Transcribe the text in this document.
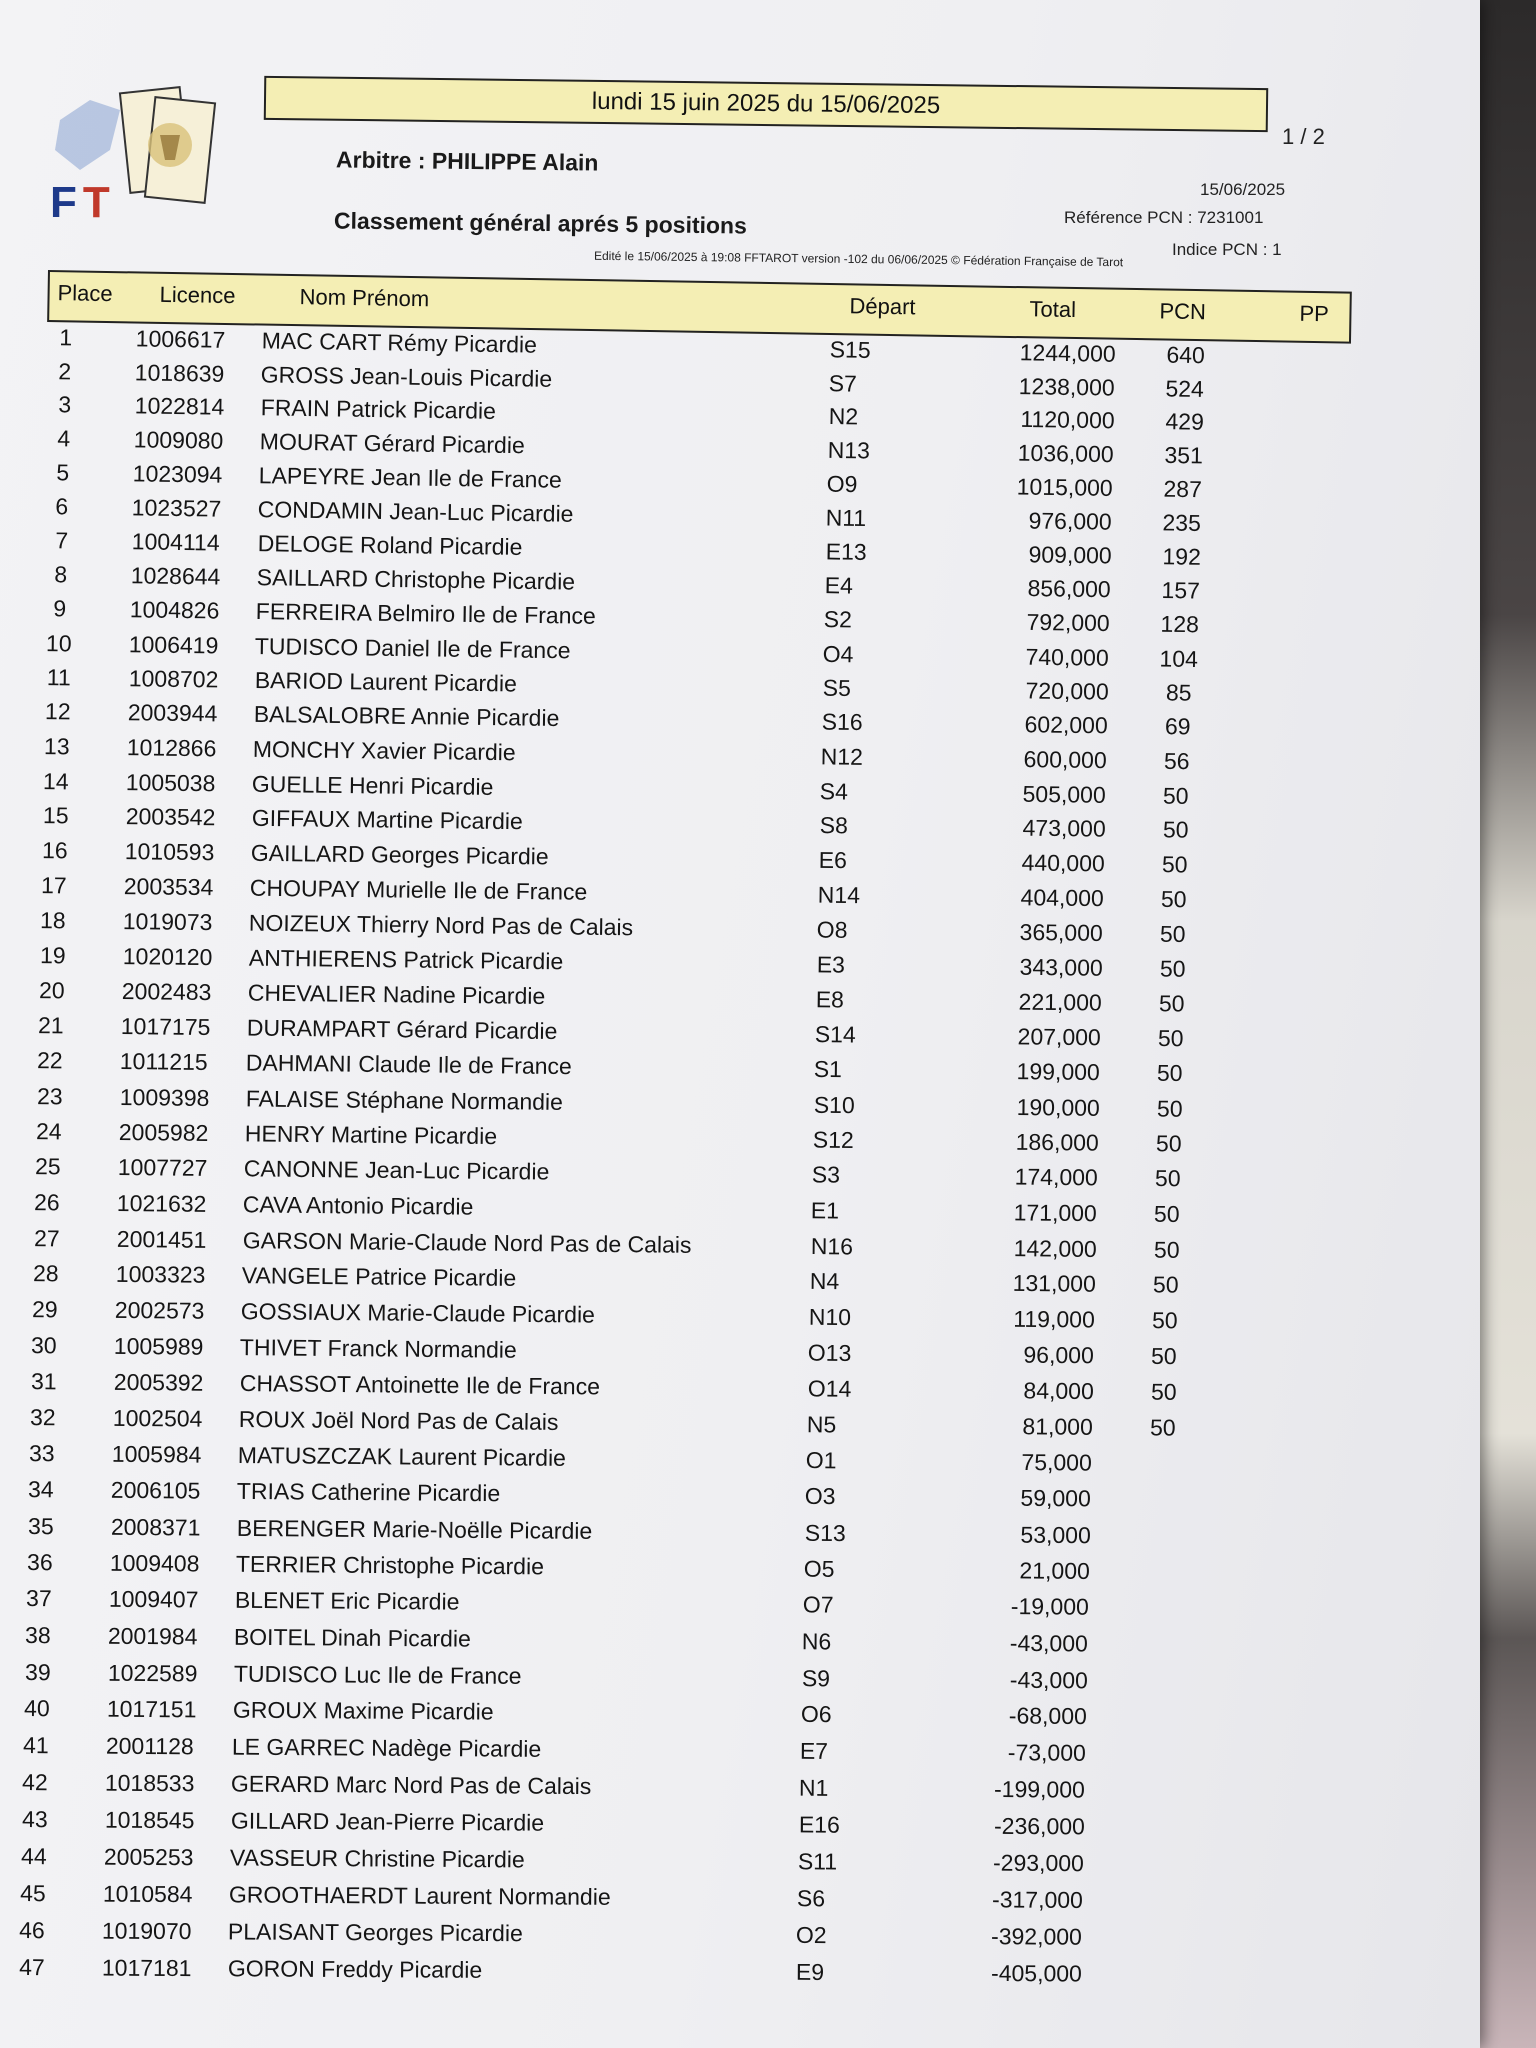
FT
lundi 15 juin 2025 du 15/06/2025
1 / 2
Arbitre : PHILIPPE Alain
Classement général aprés 5 positions
15/06/2025
Référence PCN : 7231001
Indice PCN : 1
Edité le 15/06/2025 à 19:08 FFTAROT version -102 du 06/06/2025 © Fédération Française de Tarot
Place Licence	Nom Prénom	Départ	Total	PCN	PP
1	1006617 MAC CART Rémy Picardie	S15	1244,000	640
2	1018639 GROSS Jean-Louis Picardie	S7	1238,000	524
3	1022814 FRAIN Patrick Picardie	N2	1120,000	429
4	1009080 MOURAT Gérard Picardie	N13	1036,000	351
5	1023094 LAPEYRE Jean Ile de France	O9	1015,000	287
6	1023527 CONDAMIN Jean-Luc Picardie	N11	976,000	235
7	1004114 DELOGE Roland Picardie	E13	909,000	192
8	1028644 SAILLARD Christophe Picardie	E4	856,000	157
9	1004826 FERREIRA Belmiro Ile de France	S2	792,000	128
10	1006419 TUDISCO Daniel Ile de France	O4	740,000	104
11	1008702 BARIOD Laurent Picardie	S5	720,000	85
12	2003944 BALSALOBRE Annie Picardie	S16	602,000	69
13	1012866 MONCHY Xavier Picardie	N12	600,000	56
14	1005038 GUELLE Henri Picardie	S4	505,000	50
15	2003542 GIFFAUX Martine Picardie	S8	473,000	50
16	1010593 GAILLARD Georges Picardie	E6	440,000	50
17	2003534 CHOUPAY Murielle Ile de France	N14	404,000	50
18	1019073 NOIZEUX Thierry Nord Pas de Calais	O8	365,000	50
19	1020120 ANTHIERENS Patrick Picardie	E3	343,000	50
20	2002483 CHEVALIER Nadine Picardie	E8	221,000	50
21	1017175 DURAMPART Gérard Picardie	S14	207,000	50
22	1011215 DAHMANI Claude Ile de France	S1	199,000	50
23	1009398 FALAISE Stéphane Normandie	S10	190,000	50
24	2005982 HENRY Martine Picardie	S12	186,000	50
25	1007727 CANONNE Jean-Luc Picardie	S3	174,000	50
26	1021632 CAVA Antonio Picardie	E1	171,000	50
27	2001451 GARSON Marie-Claude Nord Pas de Calais	N16	142,000	50
28	1003323 VANGELE Patrice Picardie	N4	131,000	50
29	2002573 GOSSIAUX Marie-Claude Picardie	N10	119,000	50
30	1005989 THIVET Franck Normandie	O13	96,000	50
31	2005392 CHASSOT Antoinette Ile de France	O14	84,000	50
32	1002504 ROUX Joël Nord Pas de Calais	N5	81,000	50
33	1005984 MATUSZCZAK Laurent Picardie	O1	75,000
34	2006105 TRIAS Catherine Picardie	O3	59,000
35	2008371 BERENGER Marie-Noëlle Picardie	S13	53,000
36	1009408 TERRIER Christophe Picardie	O5	21,000
37	1009407 BLENET Eric Picardie	O7	-19,000
38	2001984 BOITEL Dinah Picardie	N6	-43,000
39	1022589 TUDISCO Luc Ile de France	S9	-43,000
40	1017151 GROUX Maxime Picardie	O6	-68,000
41	2001128 LE GARREC Nadège Picardie	E7	-73,000
42	1018533 GERARD Marc Nord Pas de Calais	N1	-199,000
43	1018545 GILLARD Jean-Pierre Picardie	E16	-236,000
44	2005253 VASSEUR Christine Picardie	S11	-293,000
45	1010584 GROOTHAERDT Laurent Normandie	S6	-317,000
46	1019070 PLAISANT Georges Picardie	O2	-392,000
47	1017181 GORON Freddy Picardie	E9	-405,000
